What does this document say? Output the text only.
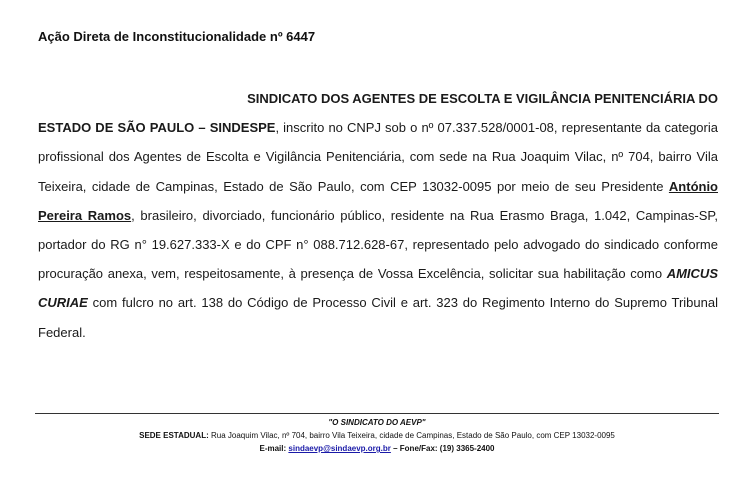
Ação Direta de Inconstitucionalidade nº 6447

SINDICATO DOS AGENTES DE ESCOLTA E VIGILÂNCIA PENITENCIÁRIA DO
ESTADO DE SÃO PAULO – SINDESPE, inscrito no CNPJ sob o nº 07.337.528/0001-08, representante da categoria profissional dos Agentes de Escolta e Vigilância Penitenciária, com sede na Rua Joaquim Vilac, nº 704, bairro Vila Teixeira, cidade de Campinas, Estado de São Paulo, com CEP 13032-0095 por meio de seu Presidente António Pereira Ramos, brasileiro, divorciado, funcionário público, residente na Rua Erasmo Braga, 1.042, Campinas-SP, portador do RG n° 19.627.333-X e do CPF n° 088.712.628-67, representado pelo advogado do sindicado conforme procuração anexa, vem, respeitosamente, à presença de Vossa Excelência, solicitar sua habilitação como AMICUS CURIAE com fulcro no art. 138 do Código de Processo Civil e art. 323 do Regimento Interno do Supremo Tribunal Federal.

"O SINDICATO DO AEVP"
SEDE ESTADUAL: Rua Joaquim Vilac, nº 704, bairro Vila Teixeira, cidade de Campinas, Estado de São Paulo, com CEP 13032-0095
E-mail: sindaevp@sindaevp.org.br – Fone/Fax: (19) 3365-2400
